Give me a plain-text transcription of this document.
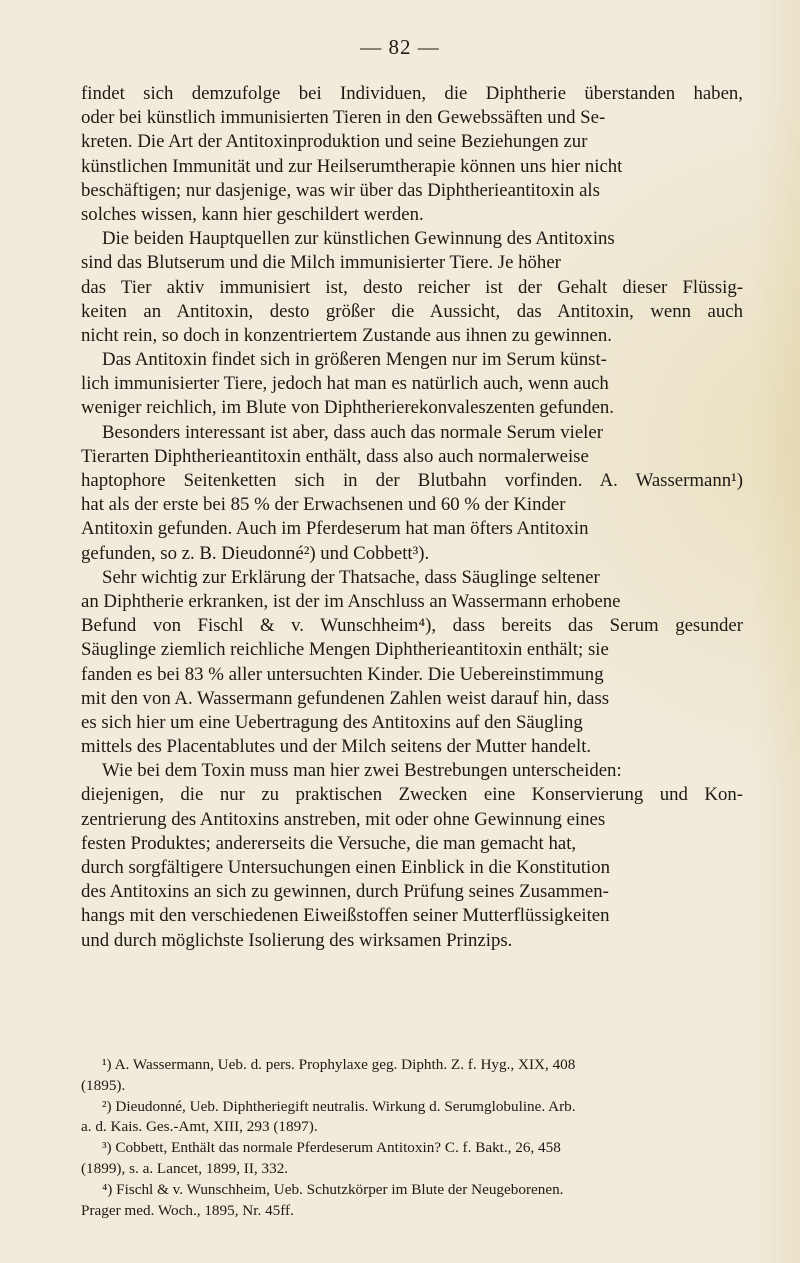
— 82 —
findet sich demzufolge bei Individuen, die Diphtherie überstanden haben,
oder bei künstlich immunisierten Tieren in den Gewebssäften und Se-
kreten. Die Art der Antitoxinproduktion und seine Beziehungen zur
künstlichen Immunität und zur Heilserumtherapie können uns hier nicht
beschäftigen; nur dasjenige, was wir über das Diphtherieantitoxin als
solches wissen, kann hier geschildert werden.
Die beiden Hauptquellen zur künstlichen Gewinnung des Antitoxins
sind das Blutserum und die Milch immunisierter Tiere. Je höher
das Tier aktiv immunisiert ist, desto reicher ist der Gehalt dieser Flüssig-
keiten an Antitoxin, desto größer die Aussicht, das Antitoxin, wenn auch
nicht rein, so doch in konzentriertem Zustande aus ihnen zu gewinnen.
Das Antitoxin findet sich in größeren Mengen nur im Serum künst-
lich immunisierter Tiere, jedoch hat man es natürlich auch, wenn auch
weniger reichlich, im Blute von Diphtherierekonvaleszenten gefunden.
Besonders interessant ist aber, dass auch das normale Serum vieler
Tierarten Diphtherieantitoxin enthält, dass also auch normalerweise
haptophore Seitenketten sich in der Blutbahn vorfinden. A. Wassermann¹)
hat als der erste bei 85 % der Erwachsenen und 60 % der Kinder
Antitoxin gefunden. Auch im Pferdeserum hat man öfters Antitoxin
gefunden, so z. B. Dieudonné²) und Cobbett³).
Sehr wichtig zur Erklärung der Thatsache, dass Säuglinge seltener
an Diphtherie erkranken, ist der im Anschluss an Wassermann erhobene
Befund von Fischl & v. Wunschheim⁴), dass bereits das Serum gesunder
Säuglinge ziemlich reichliche Mengen Diphtherieantitoxin enthält; sie
fanden es bei 83 % aller untersuchten Kinder. Die Uebereinstimmung
mit den von A. Wassermann gefundenen Zahlen weist darauf hin, dass
es sich hier um eine Uebertragung des Antitoxins auf den Säugling
mittels des Placentablutes und der Milch seitens der Mutter handelt.
Wie bei dem Toxin muss man hier zwei Bestrebungen unterscheiden:
diejenigen, die nur zu praktischen Zwecken eine Konservierung und Kon-
zentrierung des Antitoxins anstreben, mit oder ohne Gewinnung eines
festen Produktes; andererseits die Versuche, die man gemacht hat,
durch sorgfältigere Untersuchungen einen Einblick in die Konstitution
des Antitoxins an sich zu gewinnen, durch Prüfung seines Zusammen-
hangs mit den verschiedenen Eiweißstoffen seiner Mutterflüssigkeiten
und durch möglichste Isolierung des wirksamen Prinzips.
¹) A. Wassermann, Ueb. d. pers. Prophylaxe geg. Diphth. Z. f. Hyg., XIX, 408
(1895).
²) Dieudonné, Ueb. Diphtheriegift neutralis. Wirkung d. Serumglobuline. Arb.
a. d. Kais. Ges.-Amt, XIII, 293 (1897).
³) Cobbett, Enthält das normale Pferdeserum Antitoxin? C. f. Bakt., 26, 458
(1899), s. a. Lancet, 1899, II, 332.
⁴) Fischl & v. Wunschheim, Ueb. Schutzkörper im Blute der Neugeborenen.
Prager med. Woch., 1895, Nr. 45ff.
